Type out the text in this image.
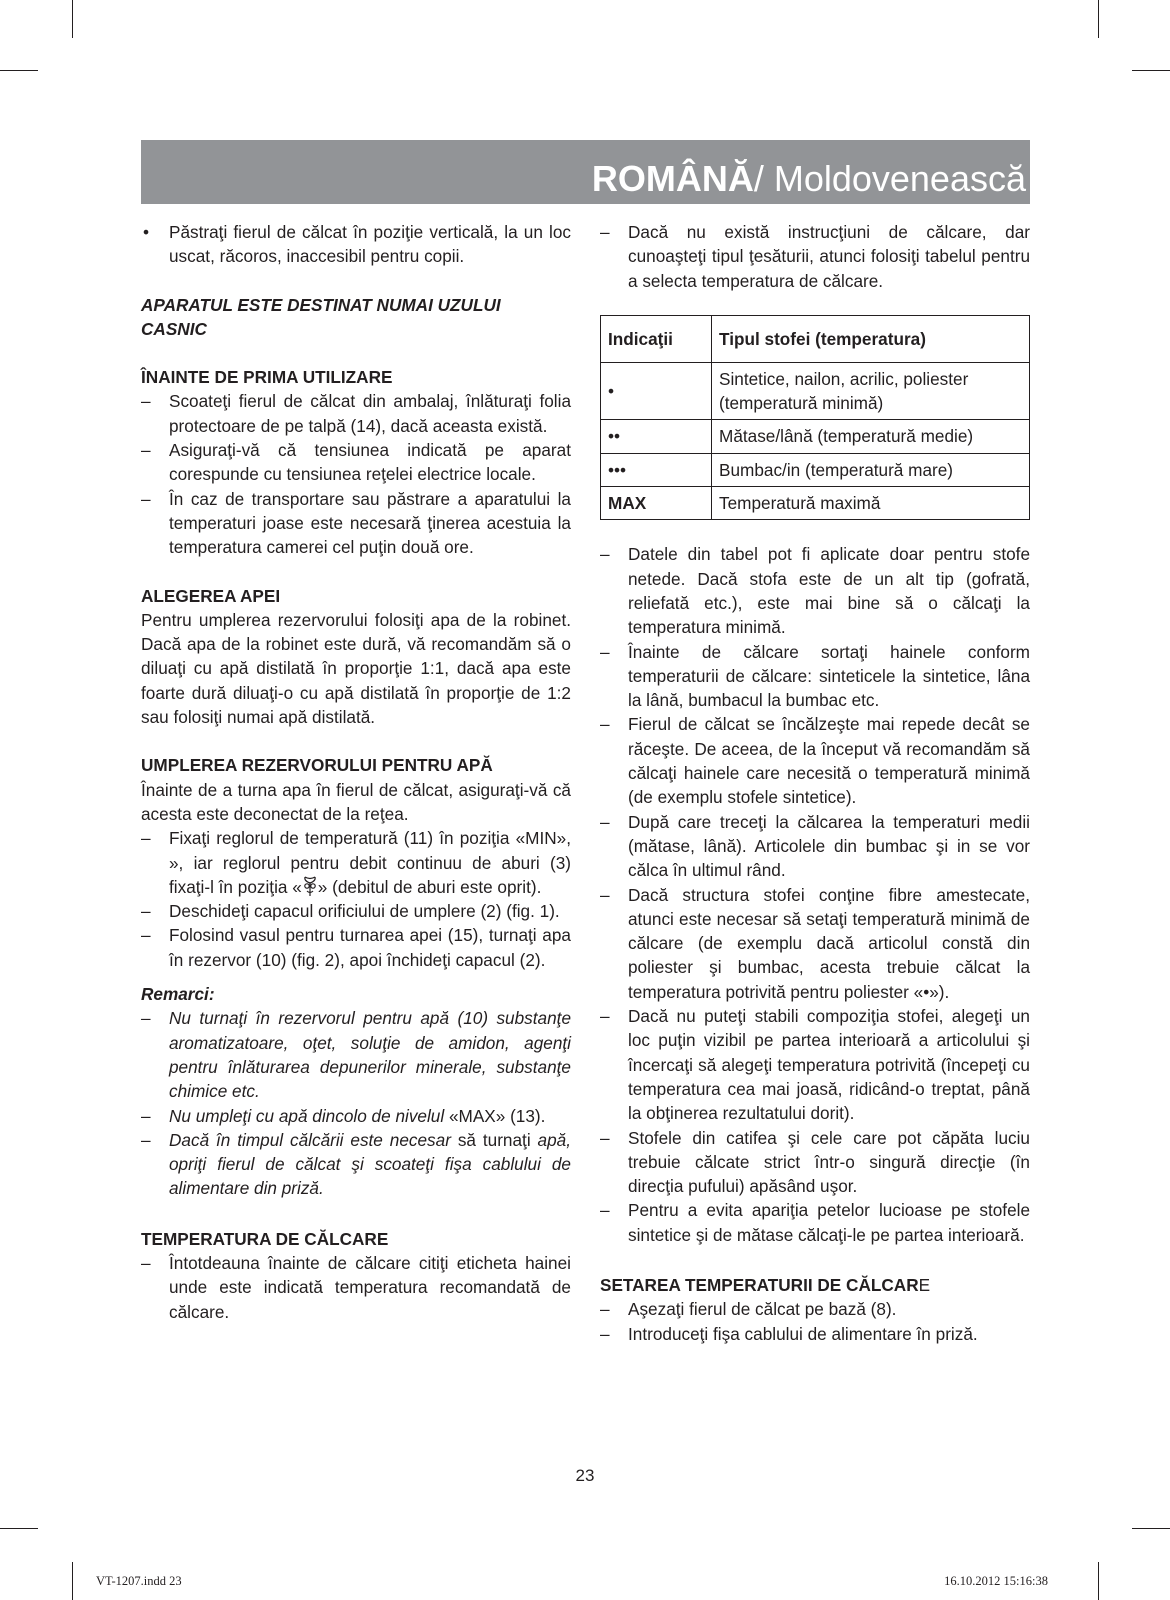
ROMÂNĂ/ Moldovenească
• Păstraţi fierul de călcat în poziţie verticală, la un loc uscat, răcoros, inaccesibil pentru copii.
APARATUL ESTE DESTINAT NUMAI UZULUI CASNIC
ÎNAINTE DE PRIMA UTILIZARE
– Scoateţi fierul de călcat din ambalaj, înlăturaţi folia protectoare de pe talpă (14), dacă aceasta există.
– Asiguraţi-vă că tensiunea indicată pe aparat corespunde cu tensiunea reţelei electrice locale.
– În caz de transportare sau păstrare a aparatului la temperaturi joase este necesară ţinerea acestuia la temperatura camerei cel puţin două ore.
ALEGEREA APEI
Pentru umplerea rezervorului folosiţi apa de la robinet. Dacă apa de la robinet este dură, vă recomandăm să o diluaţi cu apă distilată în proporţie 1:1, dacă apa este foarte dură diluaţi-o cu apă distilată în proporţie de 1:2 sau folosiţi numai apă distilată.
UMPLEREA REZERVORULUI PENTRU APĂ
Înainte de a turna apa în fierul de călcat, asiguraţi-vă că acesta este deconectat de la reţea.
– Fixaţi reglorul de temperatură (11) în poziţia «MIN», », iar reglorul pentru debit continuu de aburi (3) fixaţi-l în poziţia « » (debitul de aburi este oprit).
– Deschideţi capacul orificiului de umplere (2) (fig. 1).
– Folosind vasul pentru turnarea apei (15), turnaţi apa în rezervor (10) (fig. 2), apoi închideţi capacul (2).
Remarci:
– Nu turnaţi în rezervorul pentru apă (10) substanţe aromatizatoare, oţet, soluţie de amidon, agenţi pentru înlăturarea depunerilor minerale, substanţe chimice etc.
– Nu umpleţi cu apă dincolo de nivelul «MAX» (13).
– Dacă în timpul călcării este necesar să turnaţi apă, opriţi fierul de călcat şi scoateţi fişa cablului de alimentare din priză.
TEMPERATURA DE CĂLCARE
– Întotdeauna înainte de călcare citiţi eticheta hainei unde este indicată temperatura recomandată de călcare.
– Dacă nu există instrucţiuni de călcare, dar cunoaşteţi tipul ţesăturii, atunci folosiţi tabelul pentru a selecta temperatura de călcare.
Indicaţii	Tipul stofei (temperatura)
•	Sintetice, nailon, acrilic, poliester (temperatură minimă)
••	Mătase/lână (temperatură medie)
•••	Bumbac/in (temperatură mare)
MAX	Temperatură maximă
– Datele din tabel pot fi aplicate doar pentru stofe netede. Dacă stofa este de un alt tip (gofrată, reliefată etc.), este mai bine să o călcaţi la temperatura minimă.
– Înainte de călcare sortaţi hainele conform temperaturii de călcare: sinteticele la sintetice, lâna la lână, bumbacul la bumbac etc.
– Fierul de călcat se încălzeşte mai repede decât se răceşte. De aceea, de la început vă recomandăm să călcaţi hainele care necesită o temperatură minimă (de exemplu stofele sintetice).
– După care treceţi la călcarea la temperaturi medii (mătase, lână). Articolele din bumbac şi in se vor călca în ultimul rând.
– Dacă structura stofei conţine fibre amestecate, atunci este necesar să setaţi temperatură minimă de călcare (de exemplu dacă articolul constă din poliester şi bumbac, acesta trebuie călcat la temperatura potrivită pentru poliester «•»).
– Dacă nu puteţi stabili compoziţia stofei, alegeţi un loc puţin vizibil pe partea interioară a articolului şi încercaţi să alegeţi temperatura potrivită (începeţi cu temperatura cea mai joasă, ridicând-o treptat, până la obţinerea rezultatului dorit).
– Stofele din catifea şi cele care pot căpăta luciu trebuie călcate strict într-o singură direcţie (în direcţia pufului) apăsând uşor.
– Pentru a evita apariţia petelor lucioase pe stofele sintetice şi de mătase călcaţi-le pe partea interioară.
SETAREA TEMPERATURII DE CĂLCARE
– Aşezaţi fierul de călcat pe bază (8).
– Introduceţi fişa cablului de alimentare în priză.
23
VT-1207.indd 23	16.10.2012 15:16:38
